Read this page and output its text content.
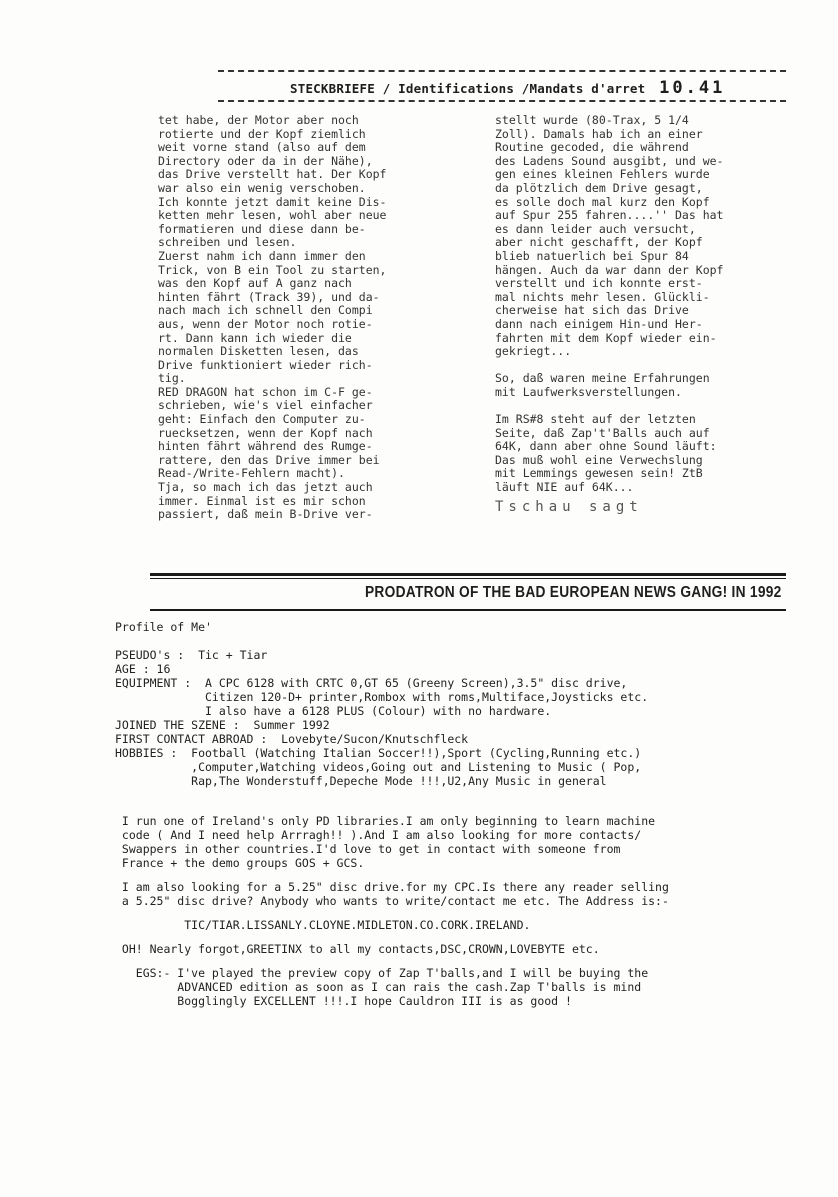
STECKBRIEFE / Identifications /Mandats d'arret 10.41

tet habe, der Motor aber noch

rotierte und der Kopf ziemlich

weit vorne stand (also auf dem

Directory oder da in der Nähe),

das Drive verstellt hat. Der Kopf

war also ein wenig verschoben.

Ich konnte jetzt damit keine Dis-

ketten mehr lesen, wohl aber neue

formatieren und diese dann be-

schreiben und lesen.

Zuerst nahm ich dann immer den

Trick, von B ein Tool zu starten,

was den Kopf auf A ganz nach

hinten fährt (Track 39), und da-

nach mach ich schnell den Compi

aus, wenn der Motor noch rotie-

rt. Dann kann ich wieder die

normalen Disketten lesen, das

Drive funktioniert wieder rich-

tig.

RED DRAGON hat schon im C-F ge-

schrieben, wie's viel einfacher

geht: Einfach den Computer zu-

ruecksetzen, wenn der Kopf nach

hinten fährt während des Rumge-

rattere, den das Drive immer bei

Read-/Write-Fehlern macht).

Tja, so mach ich das jetzt auch

immer. Einmal ist es mir schon

passiert, daß mein B-Drive ver-

stellt wurde (80-Trax, 5 1/4

Zoll). Damals hab ich an einer

Routine gecoded, die während

des Ladens Sound ausgibt, und we-

gen eines kleinen Fehlers wurde

da plötzlich dem Drive gesagt,

es solle doch mal kurz den Kopf

auf Spur 255 fahren....'' Das hat

es dann leider auch versucht,

aber nicht geschafft, der Kopf

blieb natuerlich bei Spur 84

hängen. Auch da war dann der Kopf

verstellt und ich konnte erst-

mal nichts mehr lesen. Glückli-

cherweise hat sich das Drive

dann nach einigem Hin-und Her-

fahrten mit dem Kopf wieder ein-

gekriegt...

So, daß waren meine Erfahrungen

mit Laufwerksverstellungen.

Im RS#8 steht auf der letzten

Seite, daß Zap't'Balls auch auf

64K, dann aber ohne Sound läuft:

Das muß wohl eine Verwechslung

mit Lemmings gewesen sein! ZtB

läuft NIE auf 64K...

Tschau sagt

PRODATRON OF THE BAD EUROPEAN NEWS GANG! IN 1992

Profile of Me'

PSEUDO's :  Tic + Tiar

AGE : 16

EQUIPMENT :  A CPC 6128 with CRTC 0,GT 65 (Greeny Screen),3.5" disc drive,

Citizen 120-D+ printer,Rombox with roms,Multiface,Joysticks etc.

I also have a 6128 PLUS (Colour) with no hardware.

JOINED THE SZENE :  Summer 1992

FIRST CONTACT ABROAD :  Lovebyte/Sucon/Knutschfleck

HOBBIES :  Football (Watching Italian Soccer!!),Sport (Cycling,Running etc.)

,Computer,Watching videos,Going out and Listening to Music ( Pop,

Rap,The Wonderstuff,Depeche Mode !!!,U2,Any Music in general

I run one of Ireland's only PD libraries.I am only beginning to learn machine

code ( And I need help Arrragh!! ).And I am also looking for more contacts/

Swappers in other countries.I'd love to get in contact with someone from

France + the demo groups GOS + GCS.

I am also looking for a 5.25" disc drive.for my CPC.Is there any reader selling

a 5.25" disc drive? Anybody who wants to write/contact me etc. The Address is:-

TIC/TIAR.LISSANLY.CLOYNE.MIDLETON.CO.CORK.IRELAND.

OH! Nearly forgot,GREETINX to all my contacts,DSC,CROWN,LOVEBYTE etc.

EGS:- I've played the preview copy of Zap T'balls,and I will be buying the

ADVANCED edition as soon as I can rais the cash.Zap T'balls is mind

Bogglingly EXCELLENT !!!.I hope Cauldron III is as good !
